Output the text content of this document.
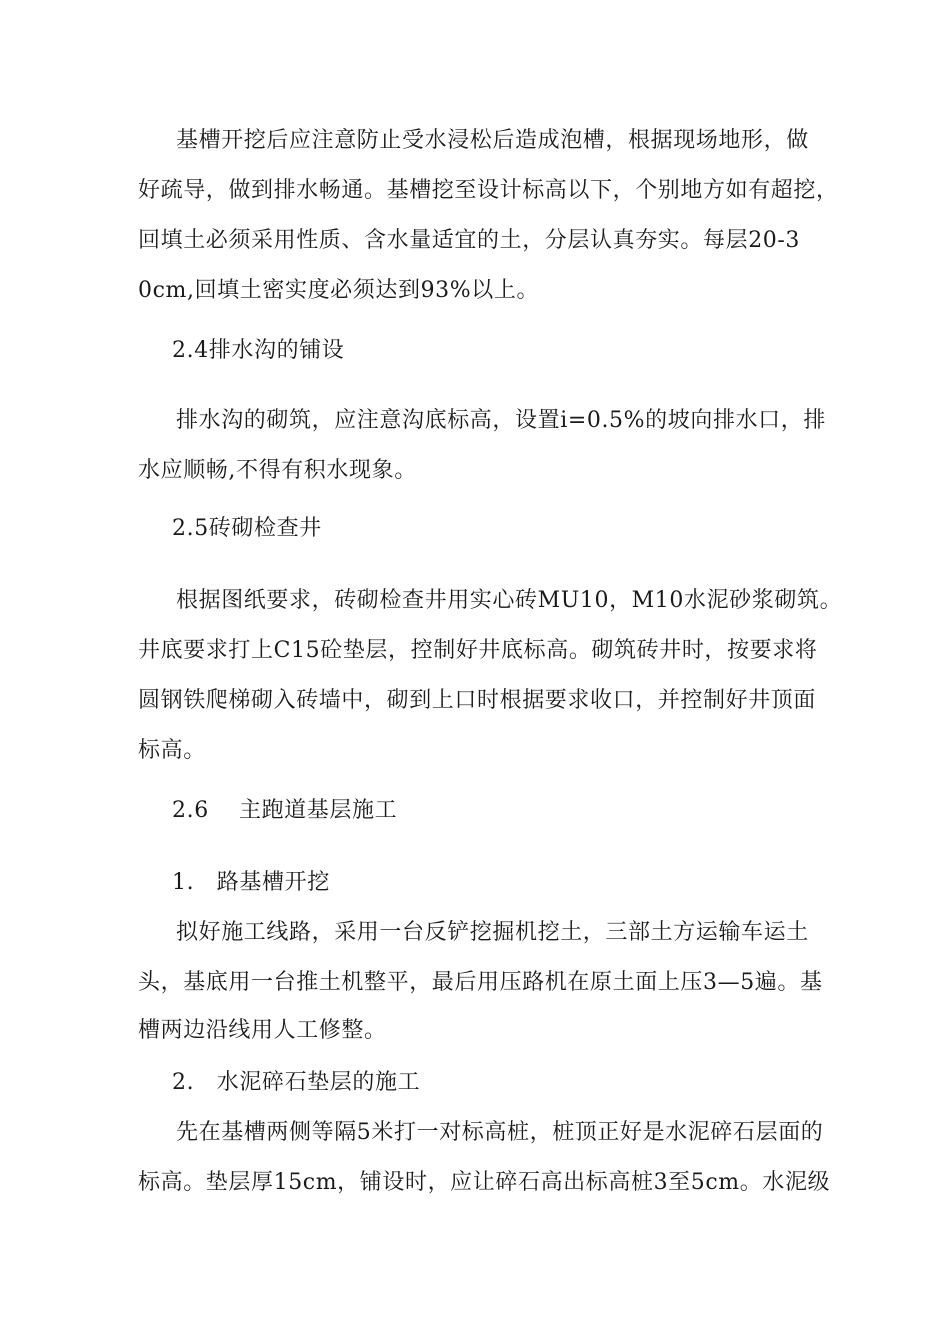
基槽开挖后应注意防止受水浸松后造成泡槽，根据现场地形，做
好疏导，做到排水畅通。基槽挖至设计标高以下，个别地方如有超挖，
回填土必须采用性质、含水量适宜的土，分层认真夯实。每层20-3
0cm,回填土密实度必须达到93%以上。
2.4排水沟的铺设
排水沟的砌筑，应注意沟底标高，设置i=0.5%的坡向排水口，排
水应顺畅,不得有积水现象。
2.5砖砌检查井
根据图纸要求，砖砌检查井用实心砖MU10，M10水泥砂浆砌筑。
井底要求打上C15砼垫层，控制好井底标高。砌筑砖井时，按要求将
圆钢铁爬梯砌入砖墙中，砌到上口时根据要求收口，并控制好井顶面
标高。
2.6　 主跑道基层施工
1.　路基槽开挖
拟好施工线路，采用一台反铲挖掘机挖土，三部土方运输车运土
头，基底用一台推土机整平，最后用压路机在原土面上压3—5遍。基
槽两边沿线用人工修整。
2.　水泥碎石垫层的施工
先在基槽两侧等隔5米打一对标高桩，桩顶正好是水泥碎石层面的
标高。垫层厚15cm，铺设时，应让碎石高出标高桩3至5cm。水泥级
